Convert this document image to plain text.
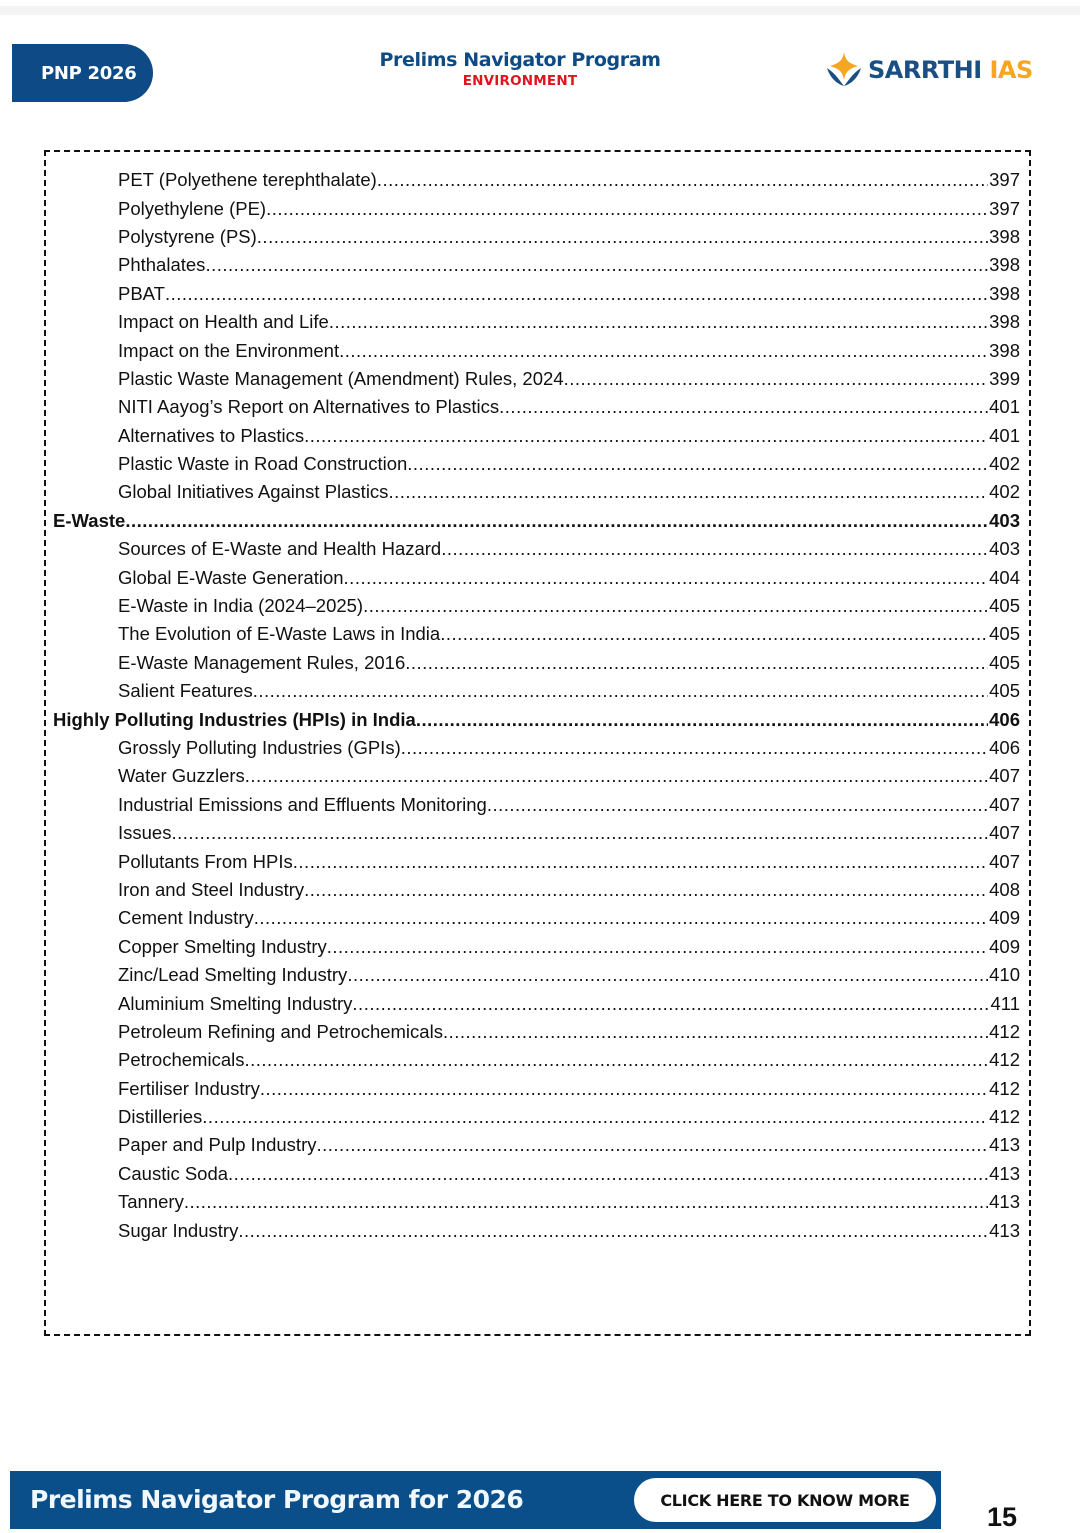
PNP 2026
Prelims Navigator Program
ENVIRONMENT	SARRTHI IAS
PET (Polyethene terephthalate) .....	397
Polyethylene (PE) .....	397
Polystyrene (PS) .....	398
Phthalates .....	398
PBAT .....	398
Impact on Health and Life .....	398
Impact on the Environment .....	398
Plastic Waste Management (Amendment) Rules, 2024 .....	399
NITI Aayog’s Report on Alternatives to Plastics .....	401
Alternatives to Plastics .....	401
Plastic Waste in Road Construction .....	402
Global Initiatives Against Plastics .....	402
E-Waste .....	403
Sources of E-Waste and Health Hazard .....	403
Global E-Waste Generation .....	404
E-Waste in India (2024–2025) .....	405
The Evolution of E-Waste Laws in India .....	405
E-Waste Management Rules, 2016 .....	405
Salient Features .....	405
Highly Polluting Industries (HPIs) in India .....	406
Grossly Polluting Industries (GPIs) .....	406
Water Guzzlers .....	407
Industrial Emissions and Effluents Monitoring .....	407
Issues .....	407
Pollutants From HPIs .....	407
Iron and Steel Industry .....	408
Cement Industry .....	409
Copper Smelting Industry .....	409
Zinc/Lead Smelting Industry .....	410
Aluminium Smelting Industry .....	411
Petroleum Refining and Petrochemicals .....	412
Petrochemicals .....	412
Fertiliser Industry .....	412
Distilleries .....	412
Paper and Pulp Industry .....	413
Caustic Soda .....	413
Tannery .....	413
Sugar Industry .....	413
Prelims Navigator Program for 2026	CLICK HERE TO KNOW MORE
15
